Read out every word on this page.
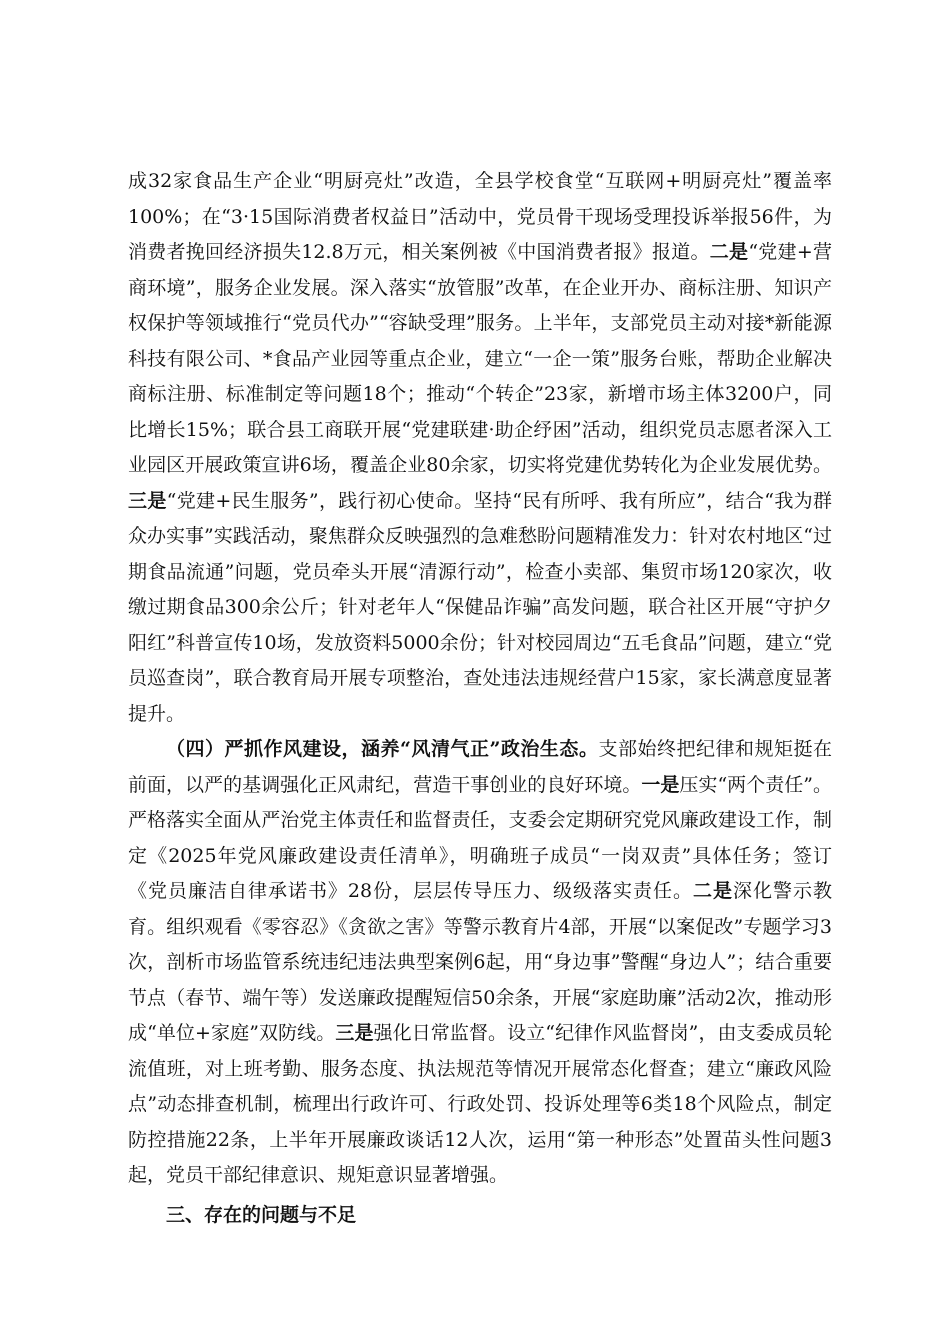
成32家食品生产企业“明厨亮灶”改造，全县学校食堂“互联网+明厨亮灶”覆盖率100%；在“3·15国际消费者权益日”活动中，党员骨干现场受理投诉举报56件，为消费者挽回经济损失12.8万元，相关案例被《中国消费者报》报道。二是“党建+营商环境”，服务企业发展。深入落实“放管服”改革，在企业开办、商标注册、知识产权保护等领域推行“党员代办”“容缺受理”服务。上半年，支部党员主动对接*新能源科技有限公司、*食品产业园等重点企业，建立“一企一策”服务台账，帮助企业解决商标注册、标准制定等问题18个；推动“个转企”23家，新增市场主体3200户，同比增长15%；联合县工商联开展“党建联建·助企纾困”活动，组织党员志愿者深入工业园区开展政策宣讲6场，覆盖企业80余家，切实将党建优势转化为企业发展优势。三是“党建+民生服务”，践行初心使命。坚持“民有所呼、我有所应”，结合“我为群众办实事”实践活动，聚焦群众反映强烈的急难愁盼问题精准发力：针对农村地区“过期食品流通”问题，党员牵头开展“清源行动”，检查小卖部、集贸市场120家次，收缴过期食品300余公斤；针对老年人“保健品诈骗”高发问题，联合社区开展“守护夕阳红”科普宣传10场，发放资料5000余份；针对校园周边“五毛食品”问题，建立“党员巡查岗”，联合教育局开展专项整治，查处违法违规经营户15家，家长满意度显著提升。

（四）严抓作风建设，涵养“风清气正”政治生态。支部始终把纪律和规矩挺在前面，以严的基调强化正风肃纪，营造干事创业的良好环境。一是压实“两个责任”。严格落实全面从严治党主体责任和监督责任，支委会定期研究党风廉政建设工作，制定《2025年党风廉政建设责任清单》，明确班子成员“一岗双责”具体任务；签订《党员廉洁自律承诺书》28份，层层传导压力、级级落实责任。二是深化警示教育。组织观看《零容忍》《贪欲之害》等警示教育片4部，开展“以案促改”专题学习3次，剖析市场监管系统违纪违法典型案例6起，用“身边事”警醒“身边人”；结合重要节点（春节、端午等）发送廉政提醒短信50余条，开展“家庭助廉”活动2次，推动形成“单位+家庭”双防线。三是强化日常监督。设立“纪律作风监督岗”，由支委成员轮流值班，对上班考勤、服务态度、执法规范等情况开展常态化督查；建立“廉政风险点”动态排查机制，梳理出行政许可、行政处罚、投诉处理等6类18个风险点，制定防控措施22条，上半年开展廉政谈话12人次，运用“第一种形态”处置苗头性问题3起，党员干部纪律意识、规矩意识显著增强。

三、存在的问题与不足
